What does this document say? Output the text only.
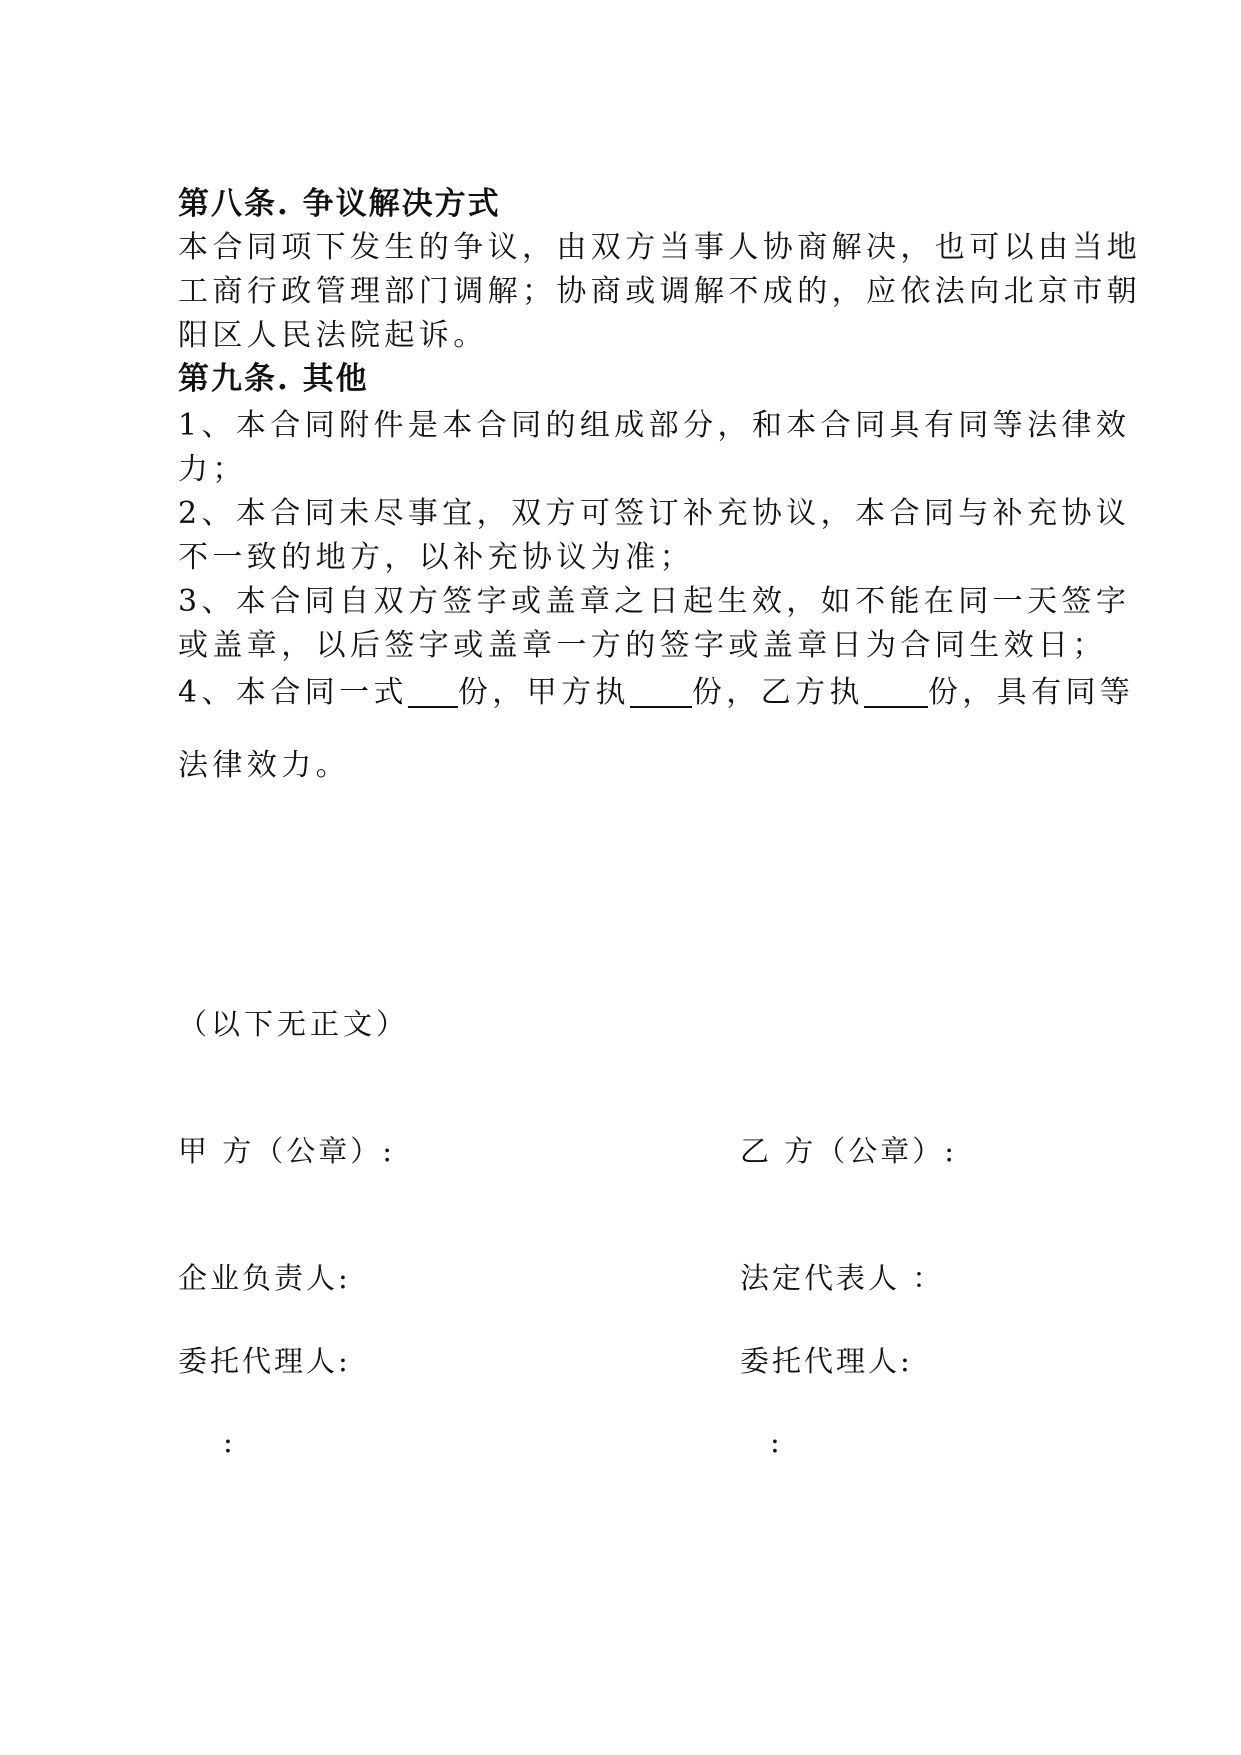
第八条. 争议解决方式
本合同项下发生的争议，由双方当事人协商解决，也可以由当地
工商行政管理部门调解；协商或调解不成的，应依法向北京市朝
阳区人民法院起诉。
第九条. 其他
1、本合同附件是本合同的组成部分，和本合同具有同等法律效
力；
2、本合同未尽事宜，双方可签订补充协议，本合同与补充协议
不一致的地方，以补充协议为准；
3、本合同自双方签字或盖章之日起生效，如不能在同一天签字
或盖章，以后签字或盖章一方的签字或盖章日为合同生效日；
4、本合同一式 份，甲方执 份，乙方执 份，具有同等
法律效力。
（以下无正文）
甲 方（公章）:	乙 方（公章）:
企业负责人:	法定代表人 ：
委托代理人:	委托代理人:
:	:
